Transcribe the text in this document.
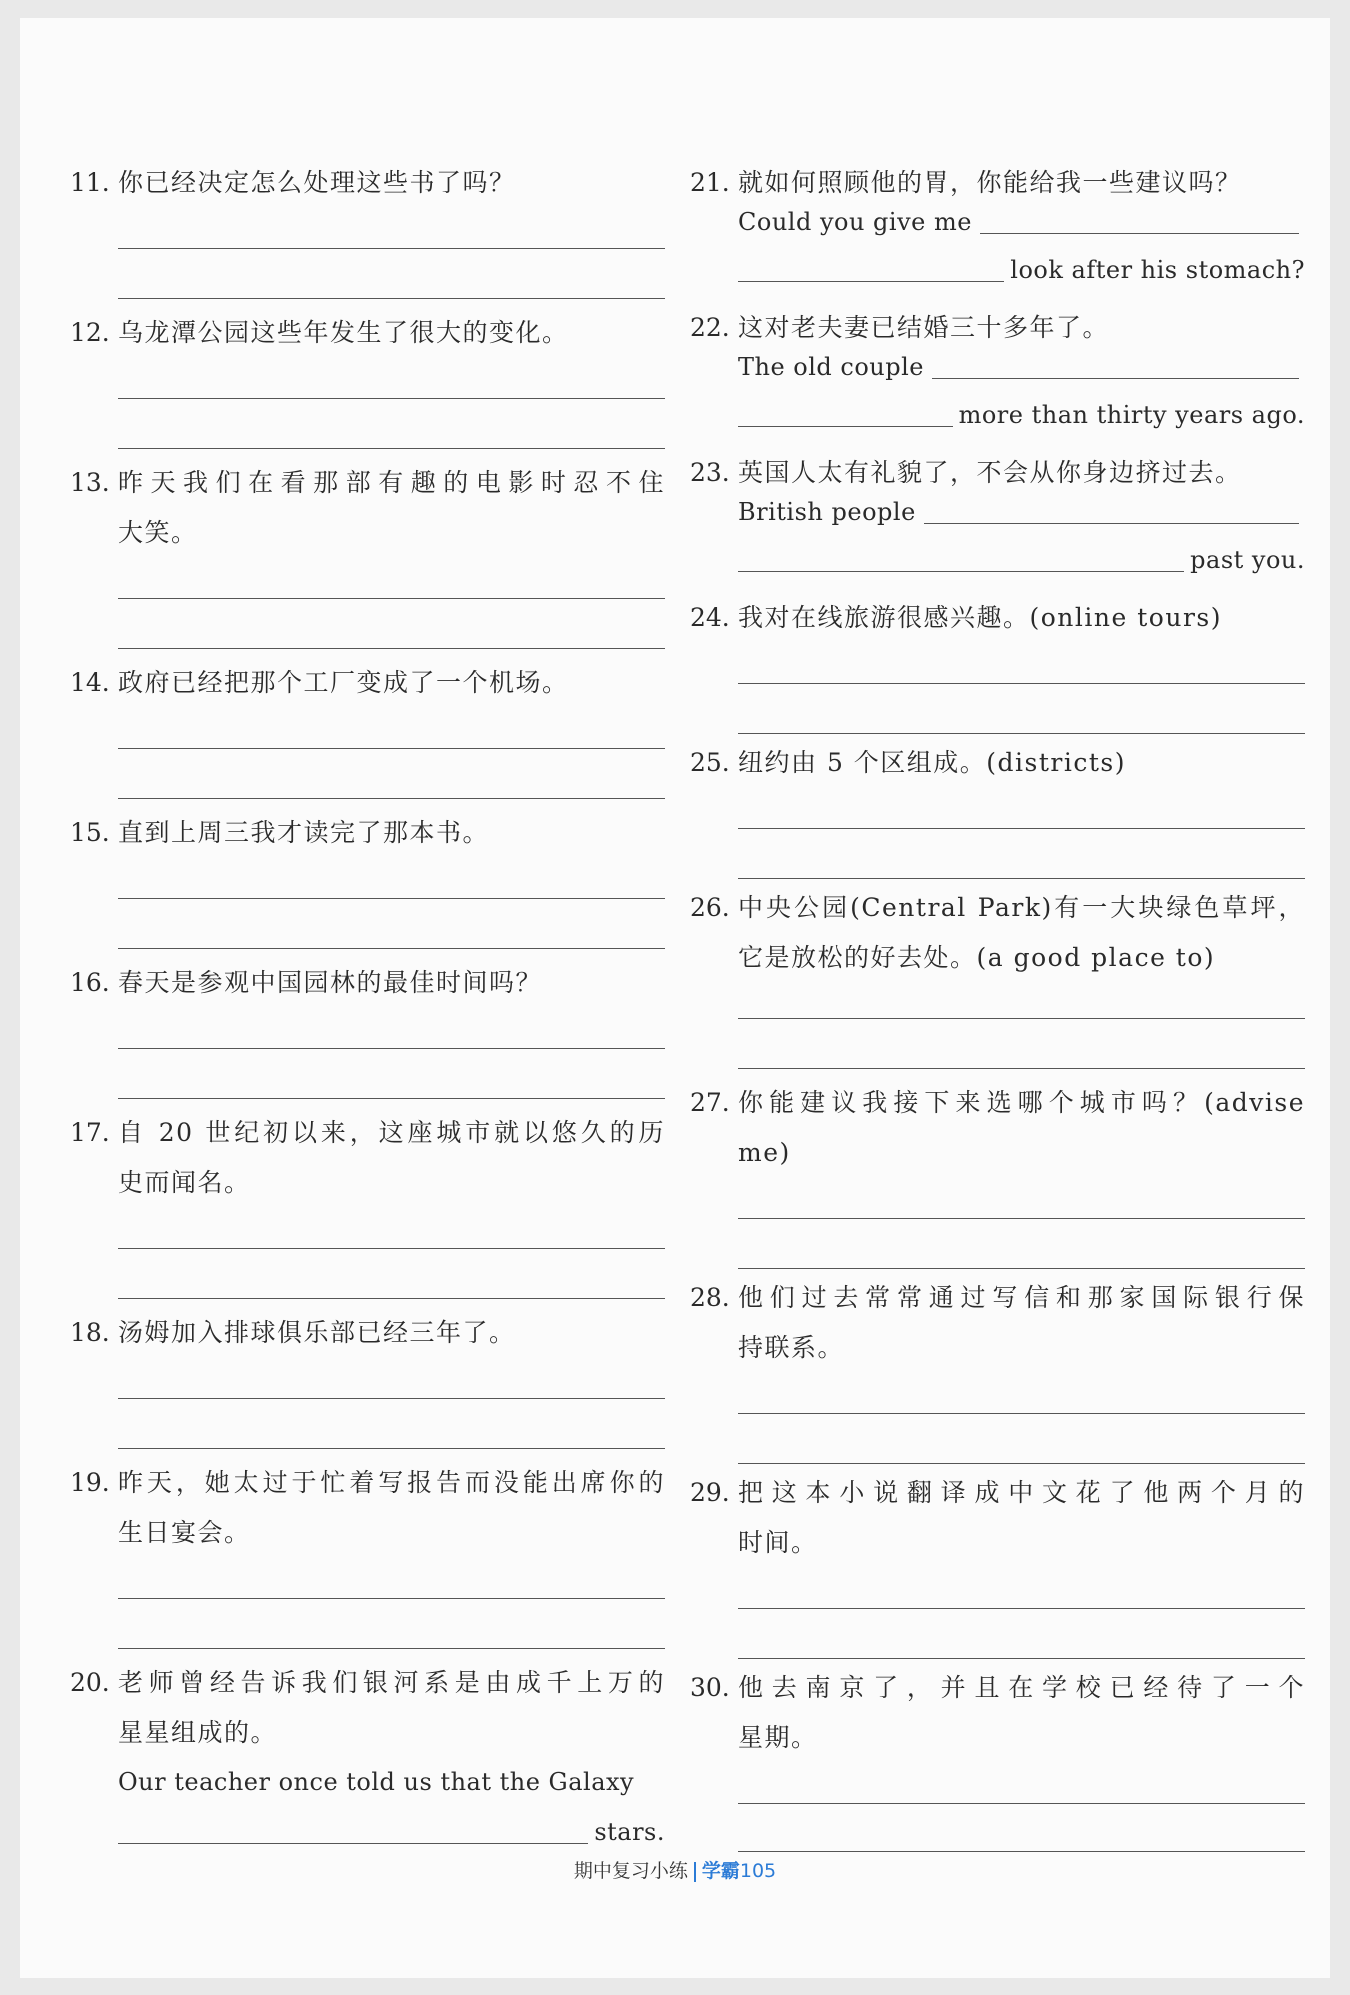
11. 你已经决定怎么处理这些书了吗？
12. 乌龙潭公园这些年发生了很大的变化。
13. 昨天我们在看那部有趣的电影时忍不住
大笑。
14. 政府已经把那个工厂变成了一个机场。
15. 直到上周三我才读完了那本书。
16. 春天是参观中国园林的最佳时间吗？
17. 自 20 世纪初以来，这座城市就以悠久的历
史而闻名。
18. 汤姆加入排球俱乐部已经三年了。
19. 昨天，她太过于忙着写报告而没能出席你的
生日宴会。
20. 老师曾经告诉我们银河系是由成千上万的
星星组成的。
Our teacher once told us that the Galaxy
stars.
21. 就如何照顾他的胃，你能给我一些建议吗？
Could you give me
look after his stomach?
22. 这对老夫妻已结婚三十多年了。
The old couple
more than thirty years ago.
23. 英国人太有礼貌了，不会从你身边挤过去。
British people
past you.
24. 我对在线旅游很感兴趣。(online tours)
25. 纽约由 5 个区组成。(districts)
26. 中央公园(Central Park)有一大块绿色草坪，
它是放松的好去处。(a good place to)
27. 你能建议我接下来选哪个城市吗？(advise
me)
28. 他们过去常常通过写信和那家国际银行保
持联系。
29. 把这本小说翻译成中文花了他两个月的
时间。
30. 他去南京了，并且在学校已经待了一个
星期。
期中复习小练 学霸105
